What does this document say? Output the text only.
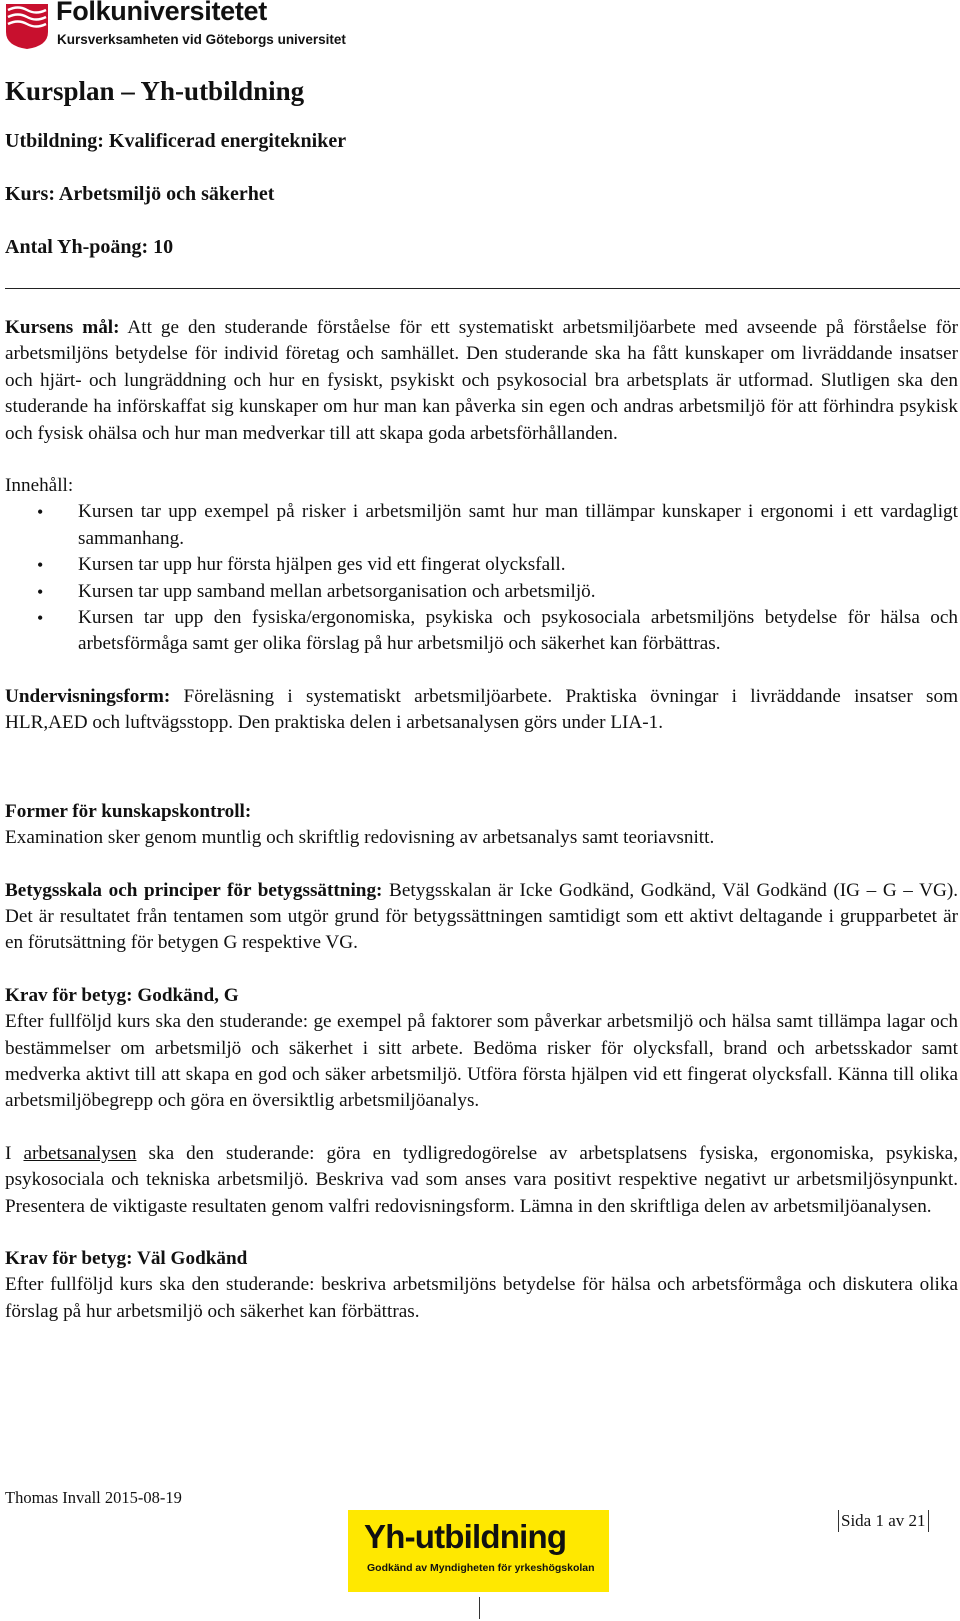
Folkuniversitetet
Kursverksamheten vid Göteborgs universitet
Kursplan – Yh-utbildning

Utbildning: Kvalificerad energitekniker

Kurs: Arbetsmiljö och säkerhet

Antal Yh-poäng: 10

Kursens mål: Att ge den studerande förståelse för ett systematiskt arbetsmiljöarbete med avseende på förståelse för arbetsmiljöns betydelse för individ företag och samhället. Den studerande ska ha fått kunskaper om livräddande insatser och hjärt- och lungräddning och hur en fysiskt, psykiskt och psykosocial bra arbetsplats är utformad. Slutligen ska den studerande ha införskaffat sig kunskaper om hur man kan påverka sin egen och andras arbetsmiljö för att förhindra psykisk och fysisk ohälsa och hur man medverkar till att skapa goda arbetsförhållanden.

Innehåll:

• Kursen tar upp exempel på risker i arbetsmiljön samt hur man tillämpar kunskaper i ergonomi i ett vardagligt sammanhang.
• Kursen tar upp hur första hjälpen ges vid ett fingerat olycksfall.
• Kursen tar upp samband mellan arbetsorganisation och arbetsmiljö.
• Kursen tar upp den fysiska/ergonomiska, psykiska och psykosociala arbetsmiljöns betydelse för hälsa och arbetsförmåga samt ger olika förslag på hur arbetsmiljö och säkerhet kan förbättras.

Undervisningsform: Föreläsning i systematiskt arbetsmiljöarbete. Praktiska övningar i livräddande insatser som HLR,AED och luftvägsstopp. Den praktiska delen i arbetsanalysen görs under LIA-1.

Former för kunskapskontroll:

Examination sker genom muntlig och skriftlig redovisning av arbetsanalys samt teoriavsnitt.

Betygsskala och principer för betygssättning: Betygsskalan är Icke Godkänd, Godkänd, Väl Godkänd (IG – G – VG). Det är resultatet från tentamen som utgör grund för betygssättningen samtidigt som ett aktivt deltagande i grupparbetet är en förutsättning för betygen G respektive VG.

Krav för betyg: Godkänd, G

Efter fullföljd kurs ska den studerande: ge exempel på faktorer som påverkar arbetsmiljö och hälsa samt tillämpa lagar och bestämmelser om arbetsmiljö och säkerhet i sitt arbete. Bedöma risker för olycksfall, brand och arbetsskador samt medverka aktivt till att skapa en god och säker arbetsmiljö. Utföra första hjälpen vid ett fingerat olycksfall. Känna till olika arbetsmiljöbegrepp och göra en översiktlig arbetsmiljöanalys.

I arbetsanalysen ska den studerande: göra en tydligredogörelse av arbetsplatsens fysiska, ergonomiska, psykiska, psykosociala och tekniska arbetsmiljö. Beskriva vad som anses vara positivt respektive negativt ur arbetsmiljösynpunkt. Presentera de viktigaste resultaten genom valfri redovisningsform. Lämna in den skriftliga delen av arbetsmiljöanalysen.

Krav för betyg: Väl Godkänd

Efter fullföljd kurs ska den studerande: beskriva arbetsmiljöns betydelse för hälsa och arbetsförmåga och diskutera olika förslag på hur arbetsmiljö och säkerhet kan förbättras.

Thomas Invall 2015-08-19
Yh-utbildning
Godkänd av Myndigheten för yrkeshögskolan
Sida 1 av 21
